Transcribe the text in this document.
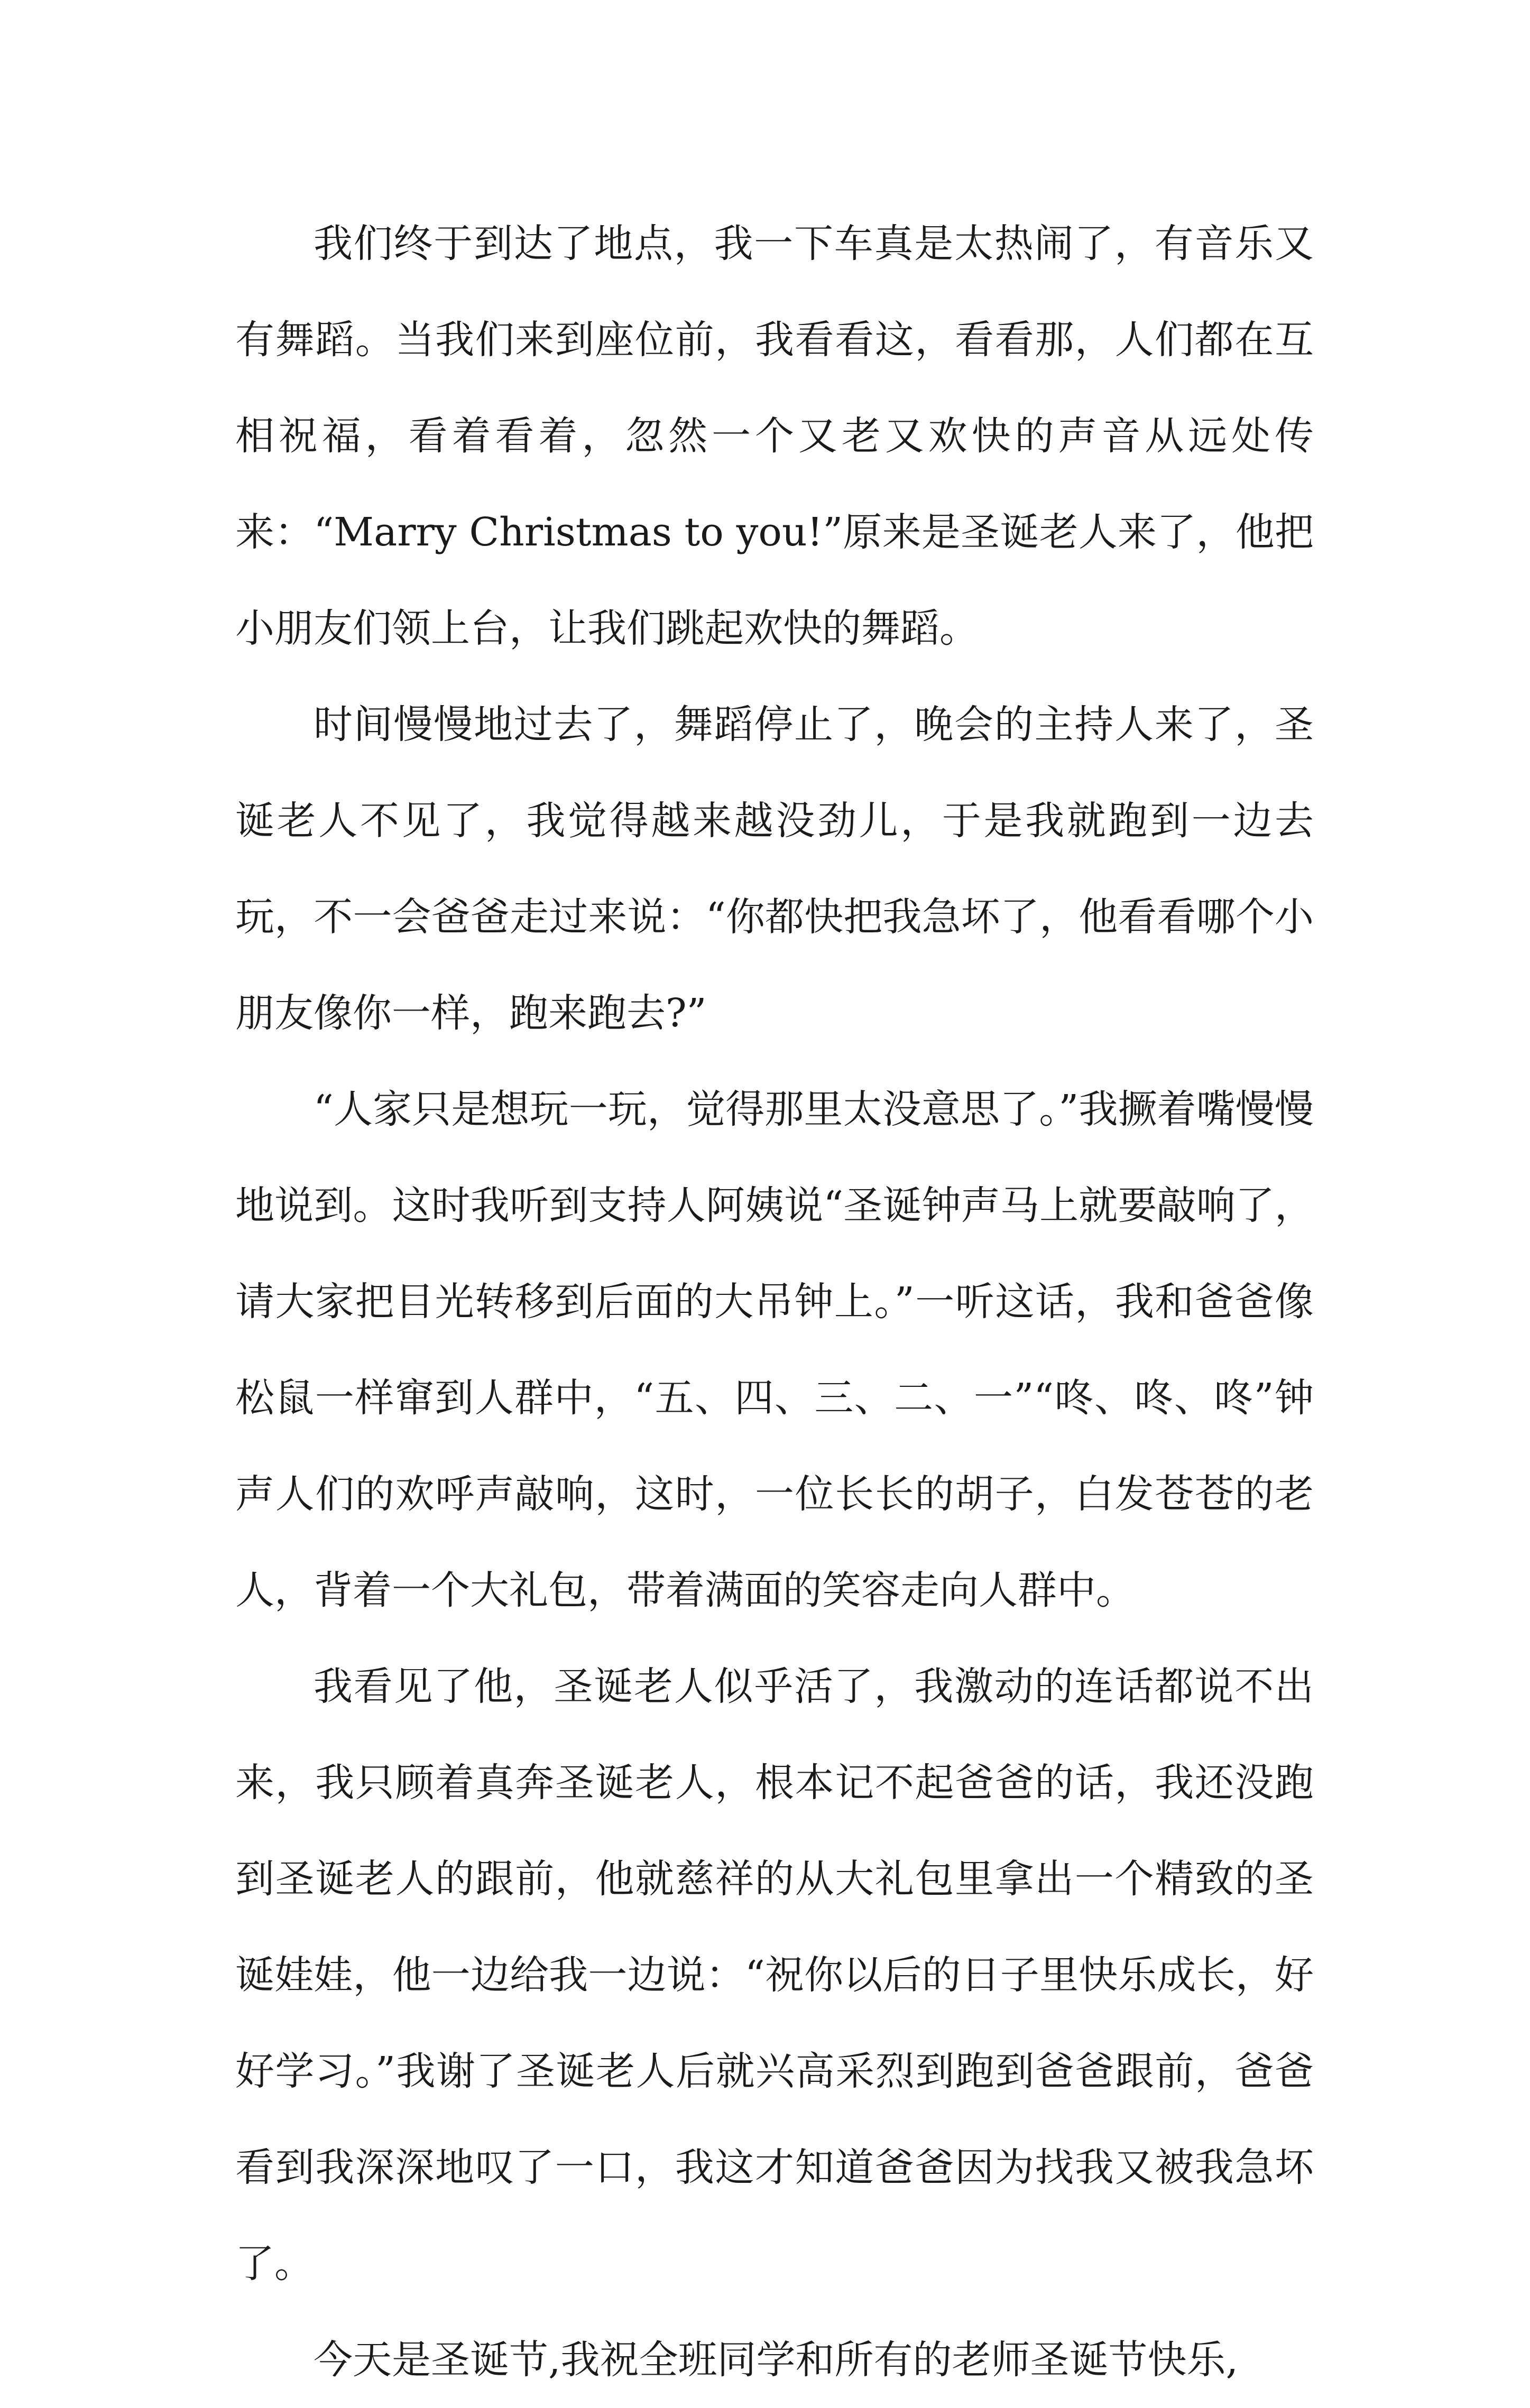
我们终于到达了地点，我一下车真是太热闹了，有音乐又有舞蹈。当我们来到座位前，我看看这，看看那，人们都在互相祝福，看着看着，忽然一个又老又欢快的声音从远处传来：“Marry Christmas to you!”原来是圣诞老人来了，他把小朋友们领上台，让我们跳起欢快的舞蹈。

时间慢慢地过去了，舞蹈停止了，晚会的主持人来了，圣诞老人不见了，我觉得越来越没劲儿，于是我就跑到一边去玩，不一会爸爸走过来说：“你都快把我急坏了，他看看哪个小朋友像你一样，跑来跑去?”

“人家只是想玩一玩，觉得那里太没意思了。”我撅着嘴慢慢地说到。这时我听到支持人阿姨说“圣诞钟声马上就要敲响了，请大家把目光转移到后面的大吊钟上。”一听这话，我和爸爸像松鼠一样窜到人群中，“五、四、三、二、一”“咚、咚、咚”钟声人们的欢呼声敲响，这时，一位长长的胡子，白发苍苍的老人，背着一个大礼包，带着满面的笑容走向人群中。

我看见了他，圣诞老人似乎活了，我激动的连话都说不出来，我只顾着真奔圣诞老人，根本记不起爸爸的话，我还没跑到圣诞老人的跟前，他就慈祥的从大礼包里拿出一个精致的圣诞娃娃，他一边给我一边说：“祝你以后的日子里快乐成长，好好学习。”我谢了圣诞老人后就兴高采烈到跑到爸爸跟前，爸爸看到我深深地叹了一口，我这才知道爸爸因为找我又被我急坏了。

今天是圣诞节,我祝全班同学和所有的老师圣诞节快乐,
